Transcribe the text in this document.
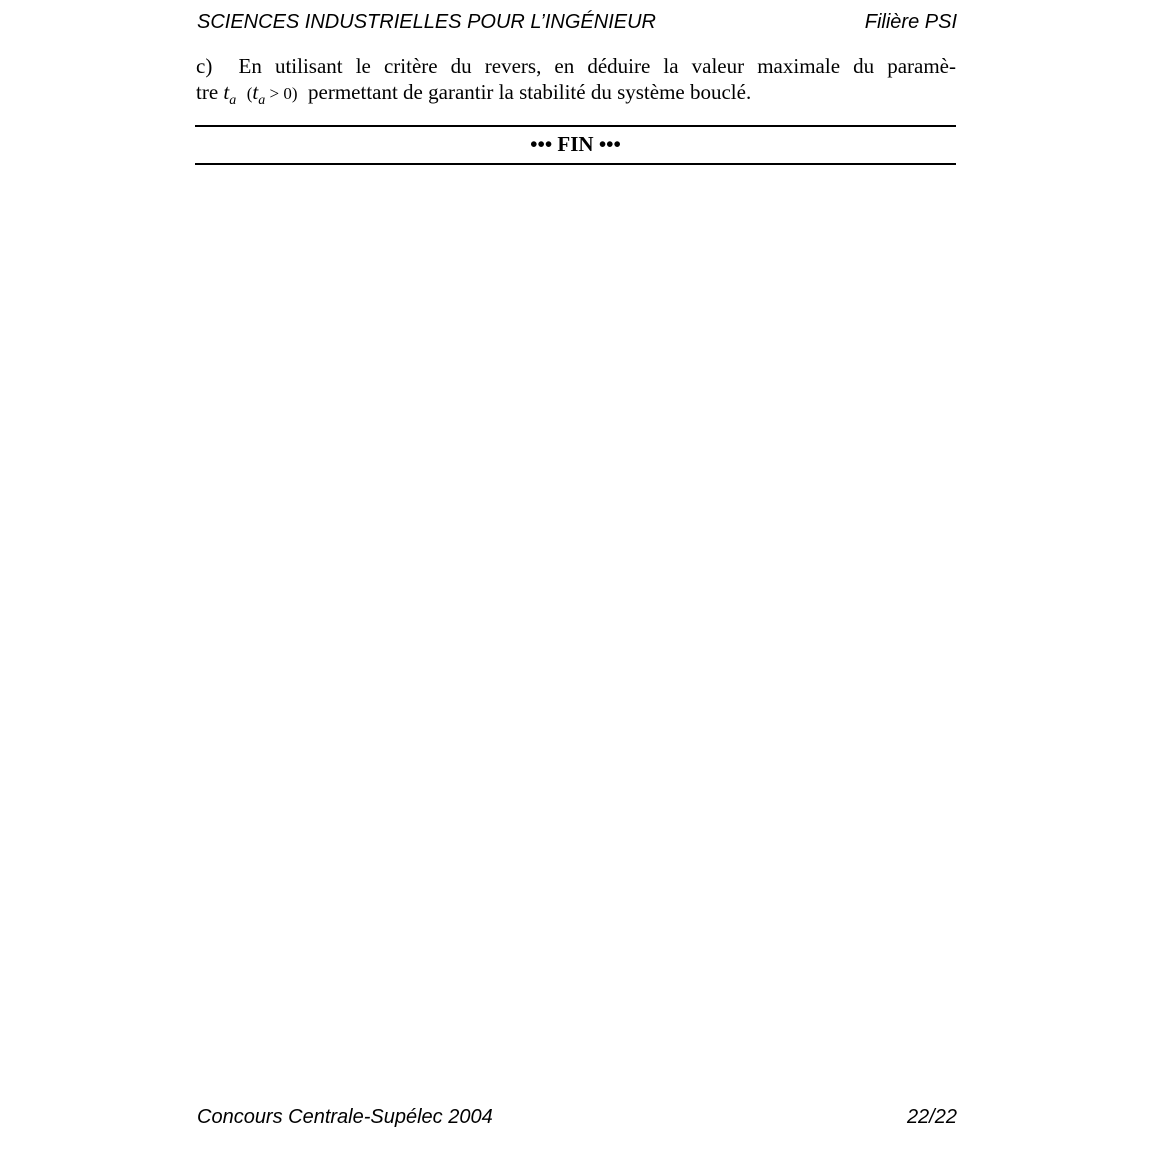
SCIENCES INDUSTRIELLES POUR L’INGÉNIEUR	Filière PSI
c) En utilisant le critère du revers, en déduire la valeur maximale du paramè-
tre $t_a$ $(t_a > 0)$ permettant de garantir la stabilité du système bouclé.
••• FIN •••
Concours Centrale-Supélec 2004	22/22
